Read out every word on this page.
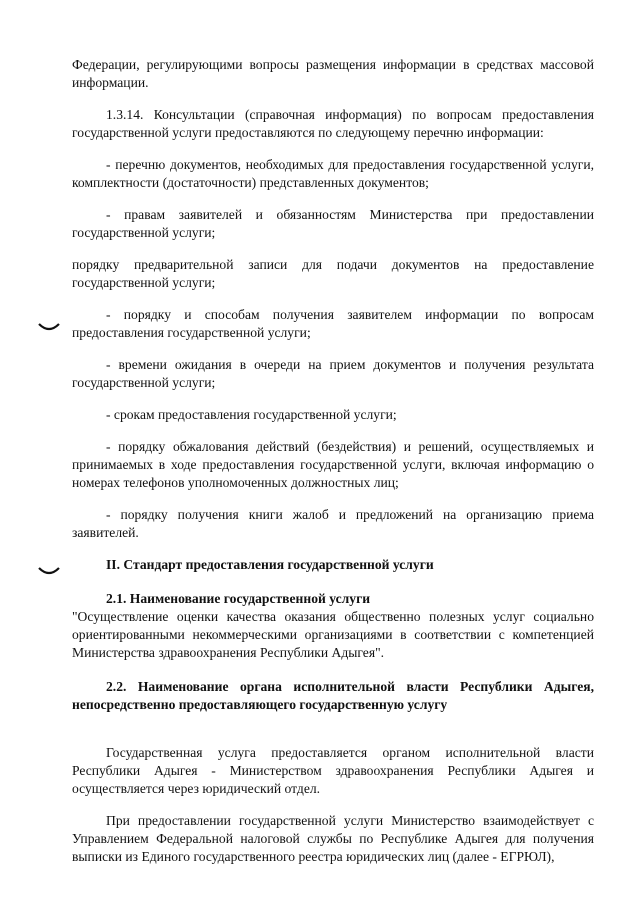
Федерации, регулирующими вопросы размещения информации в средствах массовой информации.

1.3.14. Консультации (справочная информация) по вопросам предоставления государственной услуги предоставляются по следующему перечню информации:

- перечню документов, необходимых для предоставления государственной услуги, комплектности (достаточности) представленных документов;

- правам заявителей и обязанностям Министерства при предоставлении государственной услуги;

порядку предварительной записи для подачи документов на предоставление государственной услуги;

- порядку и способам получения заявителем информации по вопросам предоставления государственной услуги;

- времени ожидания в очереди на прием документов и получения результата государственной услуги;

- срокам предоставления государственной услуги;

- порядку обжалования действий (бездействия) и решений, осуществляемых и принимаемых в ходе предоставления государственной услуги, включая информацию о номерах телефонов уполномоченных должностных лиц;

- порядку получения книги жалоб и предложений на организацию приема заявителей.

II. Стандарт предоставления государственной услуги

2.1. Наименование государственной услуги

"Осуществление оценки качества оказания общественно полезных услуг социально ориентированными некоммерческими организациями в соответствии с компетенцией Министерства здравоохранения Республики Адыгея".

2.2. Наименование органа исполнительной власти Республики Адыгея, непосредственно предоставляющего государственную услугу

Государственная услуга предоставляется органом исполнительной власти Республики Адыгея - Министерством здравоохранения Республики Адыгея и осуществляется через юридический отдел.

При предоставлении государственной услуги Министерство взаимодействует с Управлением Федеральной налоговой службы по Республике Адыгея для получения выписки из Единого государственного реестра юридических лиц (далее - ЕГРЮЛ),
